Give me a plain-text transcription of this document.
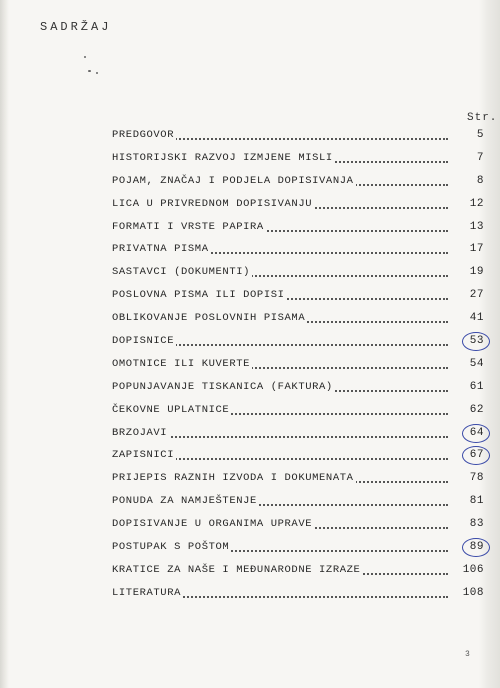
SADRŽAJ
Str.
PREDGOVOR	5
HISTORIJSKI RAZVOJ IZMJENE MISLI	7
POJAM, ZNAČAJ I PODJELA DOPISIVANJA	8
LICA U PRIVREDNOM DOPISIVANJU	12
FORMATI I VRSTE PAPIRA	13
PRIVATNA PISMA	17
SASTAVCI (DOKUMENTI)	19
POSLOVNA PISMA ILI DOPISI	27
OBLIKOVANJE POSLOVNIH PISAMA	41
DOPISNICE	53
OMOTNICE ILI KUVERTE	54
POPUNJAVANJE TISKANICA (FAKTURA)	61
ČEKOVNE UPLATNICE	62
BRZOJAVI	64
ZAPISNICI	67
PRIJEPIS RAZNIH IZVODA I DOKUMENATA	78
PONUDA ZA NAMJEŠTENJE	81
DOPISIVANJE U ORGANIMA UPRAVE	83
POSTUPAK S POŠTOM	89
KRATICE ZA NAŠE I MEĐUNARODNE IZRAZE	106
LITERATURA	108
3
